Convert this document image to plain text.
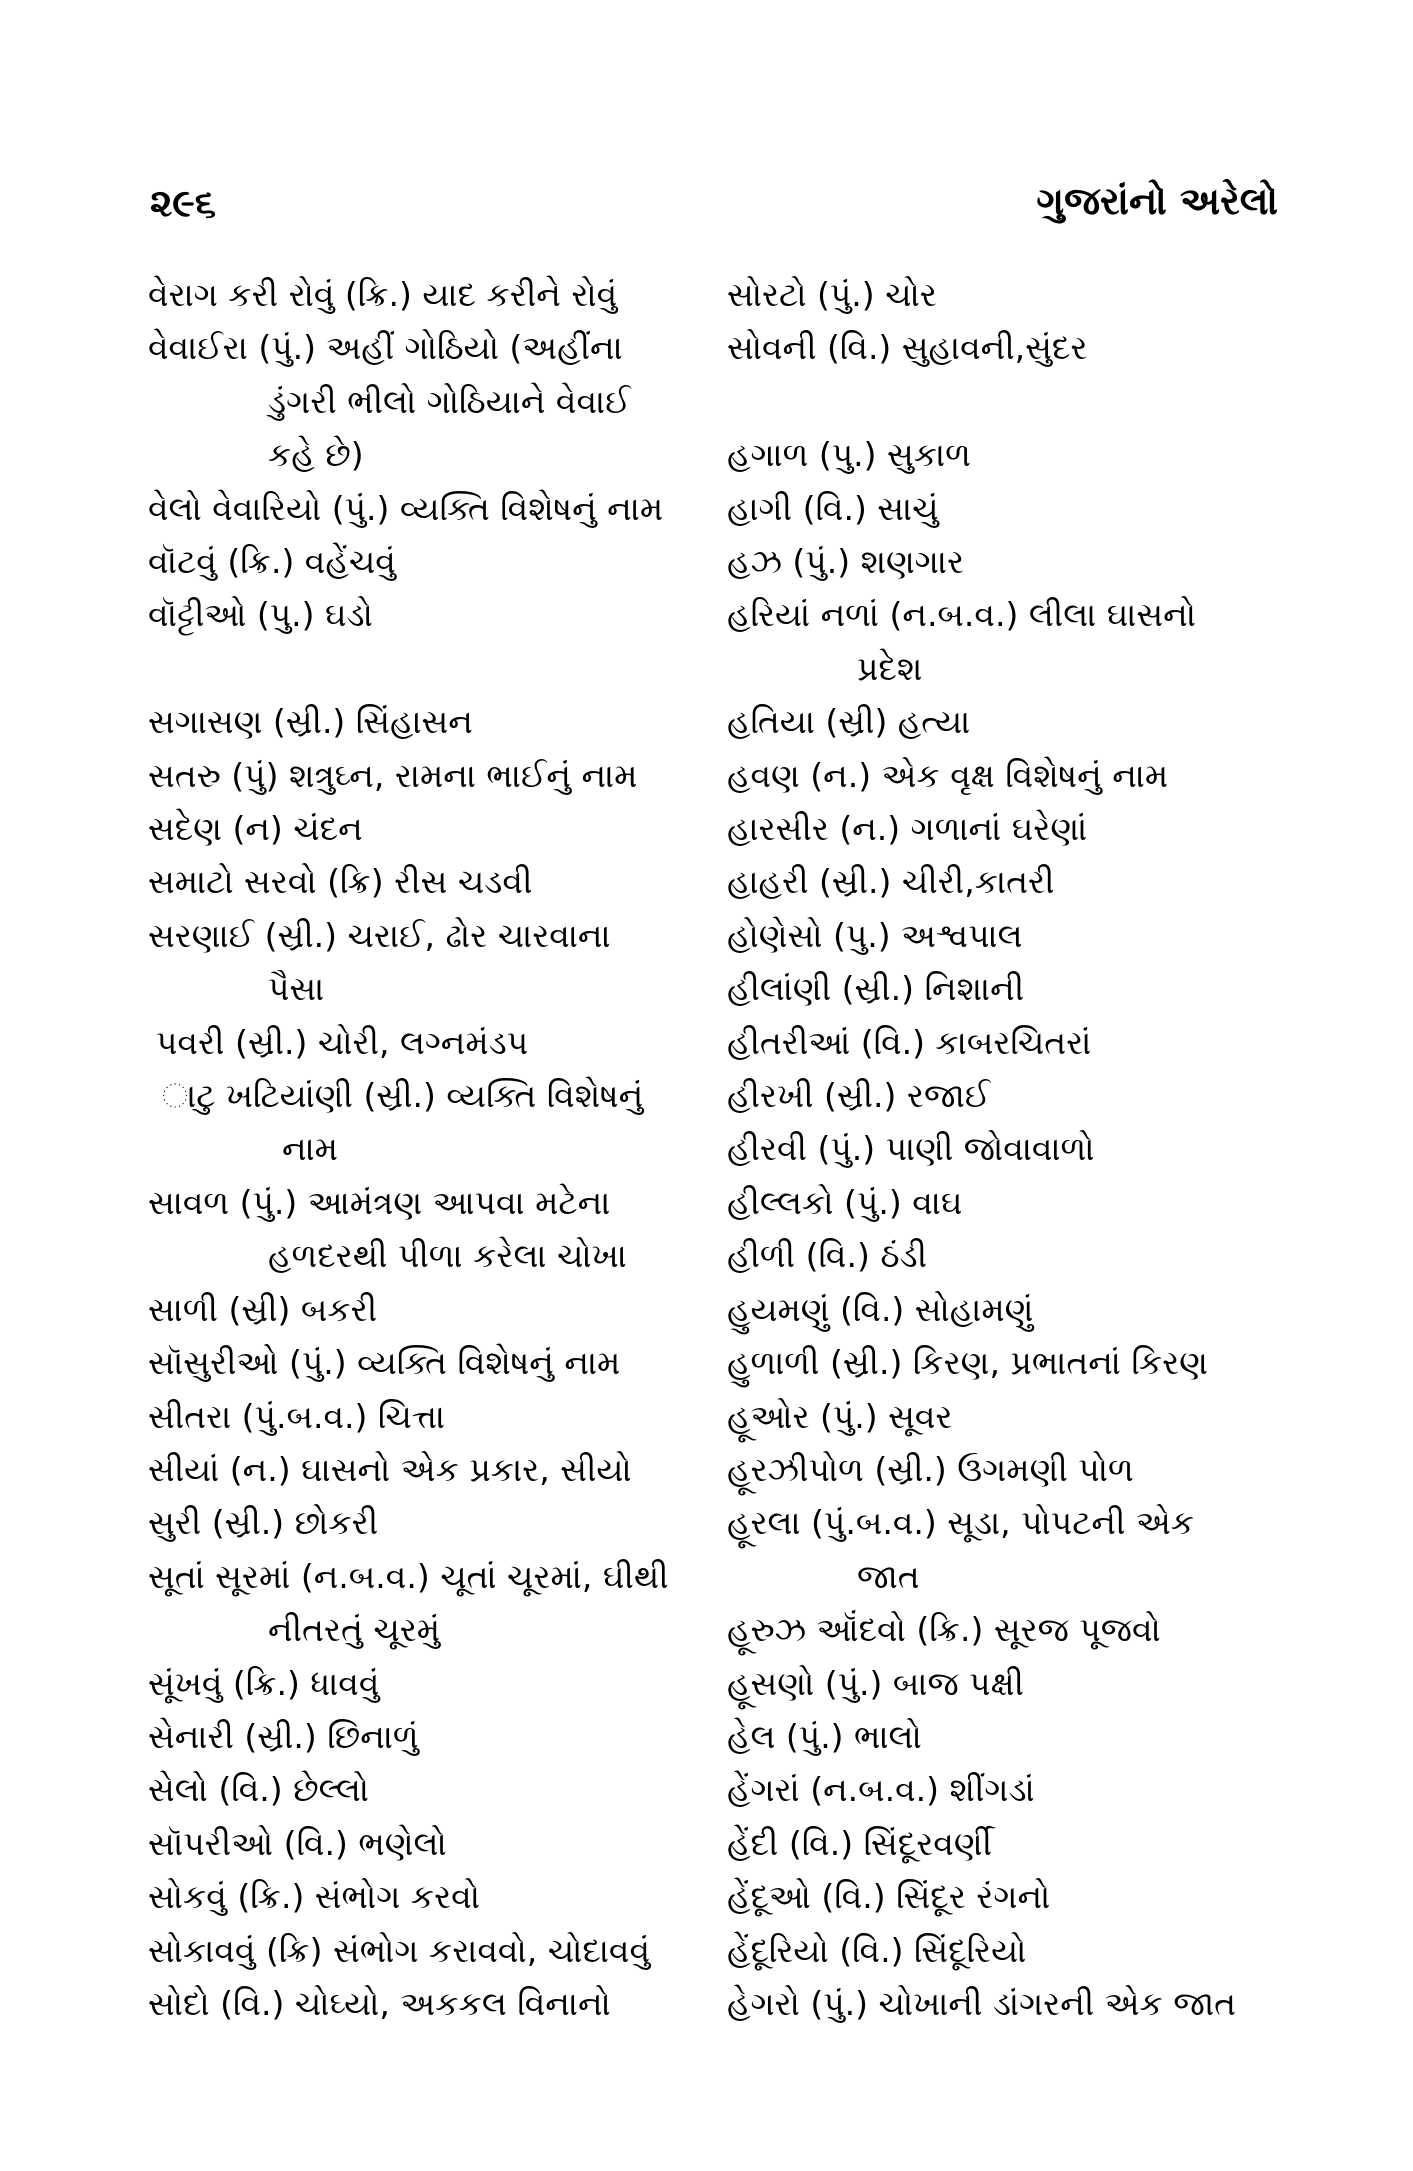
૨૯૬	ગુજરાંનો અરેલો
વેરાગ કરી રોવું (ક્રિ.) યાદ કરીને રોવું
વેવાઈરા (પું.) અહીં ગોઠિયો (અહીંના
ડુંગરી ભીલો ગોઠિયાને વેવાઈ
કહે છે)
વેલો વેવારિયો (પું.) વ્યક્તિ વિશેષનું નામ
વૉટવું (ક્રિ.) વહેંચવું
વૉટ્ટીઓ (પુ.) ઘડો
સગાસણ (સ્રી.) સિંહાસન
સતરુ (પું) શત્રુઘ્ન, રામના ભાઈનું નામ
સદેણ (ન) ચંદન
સમાટો સરવો (ક્રિ) રીસ ચડવી
સરણાઈ (સ્રી.) ચરાઈ, ઢોર ચારવાના
પૈસા
પવરી (સ્રી.) ચોરી, લગ્નમંડપ
ાટુ ખટિયાંણી (સ્રી.) વ્યક્તિ વિશેષનું
નામ
સાવળ (પું.) આમંત્રણ આપવા મટેના
હળદરથી પીળા કરેલા ચોખા
સાળી (સ્રી) બકરી
સૉસુરીઓ (પું.) વ્યક્તિ વિશેષનું નામ
સીતરા (પું.બ.વ.) ચિત્તા
સીયાં (ન.) ઘાસનો એક પ્રકાર, સીયો
સુરી (સ્રી.) છોકરી
સૂતાં સૂરમાં (ન.બ.વ.) ચૂતાં ચૂરમાં, ઘીથી
નીતરતું ચૂરમું
સૂંખવું (ક્રિ.) ધાવવું
સેનારી (સ્રી.) છિનાળું
સેલો (વિ.) છેલ્લો
સૉપરીઓ (વિ.) ભણેલો
સોકવું (ક્રિ.) સંભોગ કરવો
સોકાવવું (ક્રિ) સંભોગ કરાવવો, ચોદાવવું
સોદો (વિ.) ચોઘ્યો, અકકલ વિનાનો
સોરટો (પું.) ચોર
સોવની (વિ.) સુહાવની,સુંદર
હગાળ (પુ.) સુકાળ
હાગી (વિ.) સાચું
હઝ (પું.) શણગાર
હરિયાં નળાં (ન.બ.વ.) લીલા ઘાસનો
પ્રદેશ
હતિયા (સ્રી) હત્યા
હવણ (ન.) એક વૃક્ષ વિશેષનું નામ
હારસીર (ન.) ગળાનાં ઘરેણાં
હાહરી (સ્રી.) ચીરી,કાતરી
હોણેસો (પુ.) અશ્વપાલ
હીલાંણી (સ્રી.) નિશાની
હીતરીઆં (વિ.) કાબરચિતરાં
હીરખી (સ્રી.) રજાઈ
હીરવી (પું.) પાણી જોવાવાળો
હીલ્લકો (પું.) વાઘ
હીળી (વિ.) ઠંડી
હુયમણું (વિ.) સોહામણું
હુળાળી (સ્રી.) કિરણ, પ્રભાતનાં કિરણ
હૂઓર (પું.) સૂવર
હૂરઝીપોળ (સ્રી.) ઉગમણી પોળ
હૂરલા (પું.બ.વ.) સૂડા, પોપટની એક
જાત
હૂરુઝ ઑંદવો (ક્રિ.) સૂરજ પૂજવો
હૂસણો (પું.) બાજ પક્ષી
હેલ (પું.) ભાલો
હેંગરાં (ન.બ.વ.) શીંગડાં
હેંદી (વિ.) સિંદૂરવર્ણી
હેંદૂઓ (વિ.) સિંદૂર રંગનો
હેંદૂરિયો (વિ.) સિંદૂરિયો
હેગરો (પું.) ચોખાની ડાંગરની એક જાત
